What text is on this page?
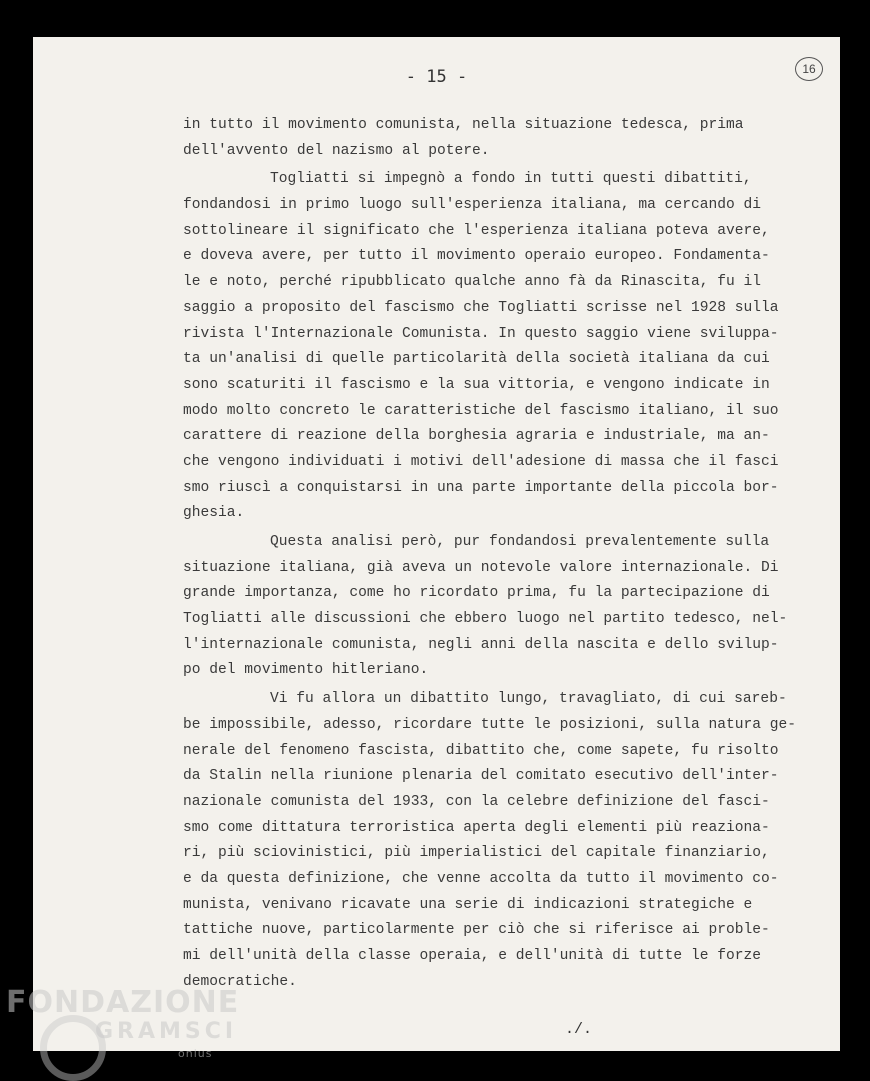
- 15 -	16
in tutto il movimento comunista, nella situazione tedesca, prima
dell'avvento del nazismo al potere.
Togliatti si impegnò a fondo in tutti questi dibattiti,
fondandosi in primo luogo sull'esperienza italiana, ma cercando di
sottolineare il significato che l'esperienza italiana poteva avere,
e doveva avere, per tutto il movimento operaio europeo. Fondamenta-
le e noto, perché ripubblicato qualche anno fà da Rinascita, fu il
saggio a proposito del fascismo che Togliatti scrisse nel 1928 sulla
rivista l'Internazionale Comunista. In questo saggio viene sviluppa-
ta un'analisi di quelle particolarità della società italiana da cui
sono scaturiti il fascismo e la sua vittoria, e vengono indicate in
modo molto concreto le caratteristiche del fascismo italiano, il suo
carattere di reazione della borghesia agraria e industriale, ma an-
che vengono individuati i motivi dell'adesione di massa che il fasci
smo riuscì a conquistarsi in una parte importante della piccola bor-
ghesia.
Questa analisi però, pur fondandosi prevalentemente sulla
situazione italiana, già aveva un notevole valore internazionale. Di
grande importanza, come ho ricordato prima, fu la partecipazione di
Togliatti alle discussioni che ebbero luogo nel partito tedesco, nel-
l'internazionale comunista, negli anni della nascita e dello svilup-
po del movimento hitleriano.
Vi fu allora un dibattito lungo, travagliato, di cui sareb-
be impossibile, adesso, ricordare tutte le posizioni, sulla natura ge-
nerale del fenomeno fascista, dibattito che, come sapete, fu risolto
da Stalin nella riunione plenaria del comitato esecutivo dell'inter-
nazionale comunista del 1933, con la celebre definizione del fasci-
smo come dittatura terroristica aperta degli elementi più reaziona-
ri, più sciovinistici, più imperialistici del capitale finanziario,
e da questa definizione, che venne accolta da tutto il movimento co-
munista, venivano ricavate una serie di indicazioni strategiche e
tattiche nuove, particolarmente per ciò che si riferisce ai proble-
mi dell'unità della classe operaia, e dell'unità di tutte le forze
democratiche.
./.
FONDAZIONE
GRAMSCI
onlus
